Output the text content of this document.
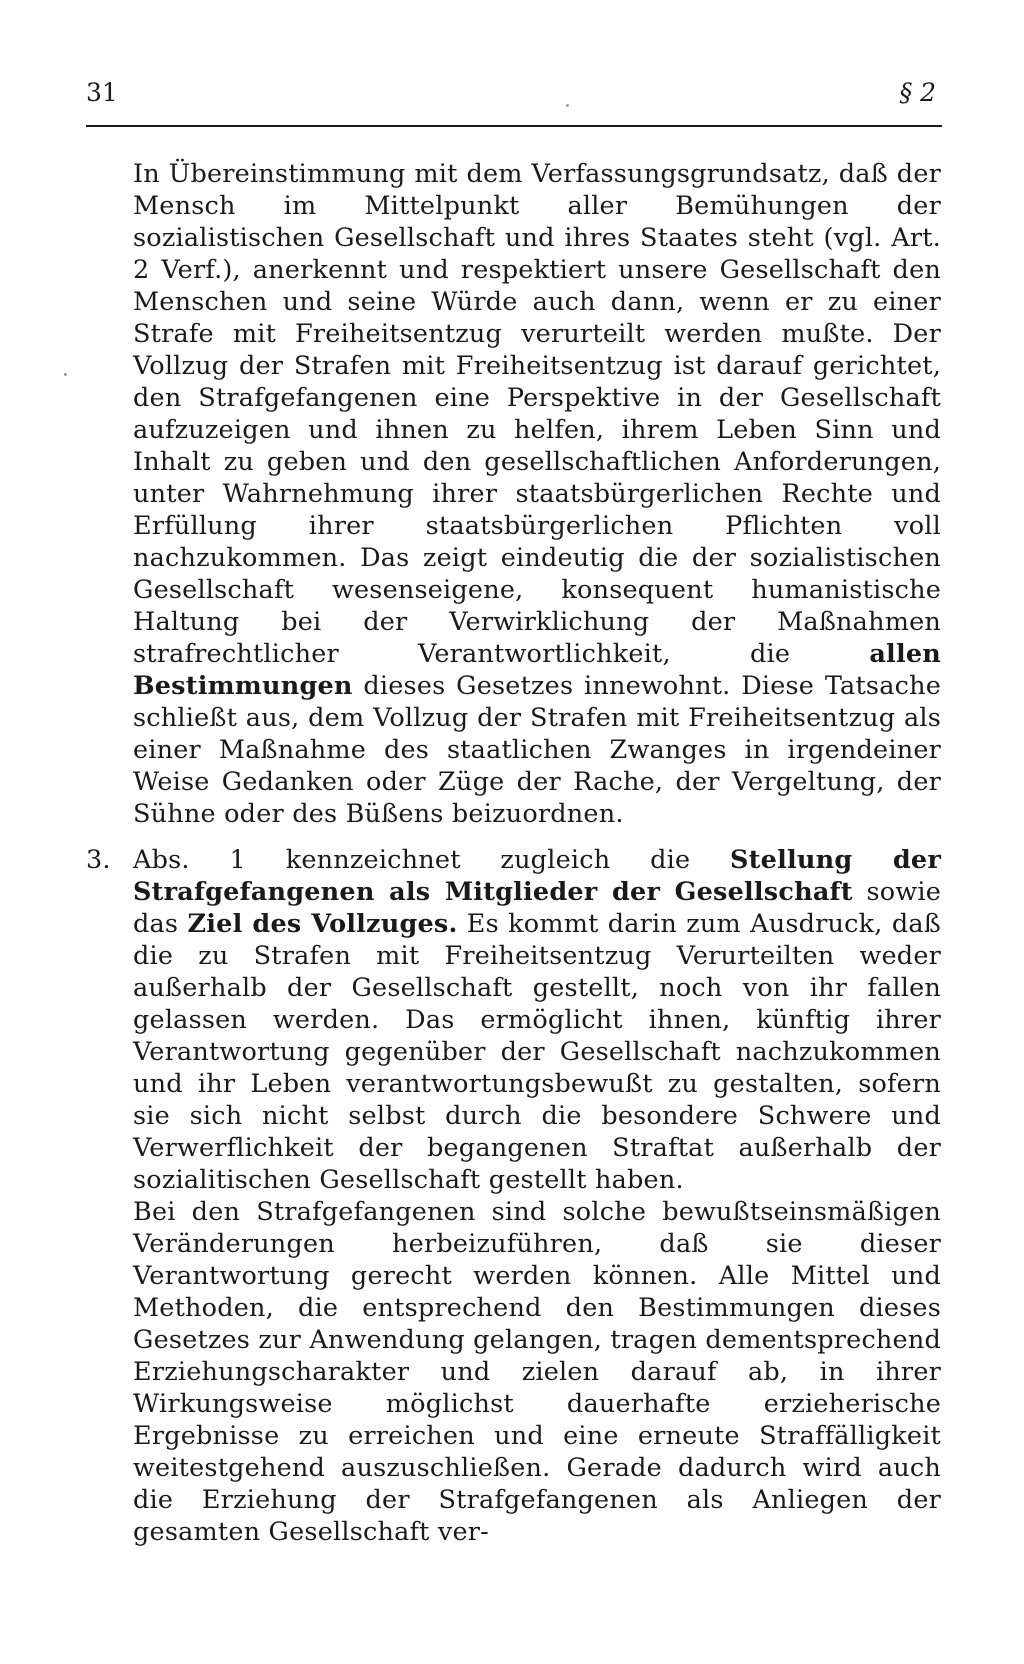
31	§ 2

In Übereinstimmung mit dem Verfassungsgrundsatz, daß der Mensch im Mittelpunkt aller Bemühungen der sozialistischen Gesellschaft und ihres Staates steht (vgl. Art. 2 Verf.), anerkennt und respektiert unsere Gesellschaft den Menschen und seine Würde auch dann, wenn er zu einer Strafe mit Freiheitsentzug verurteilt werden mußte. Der Vollzug der Strafen mit Freiheitsentzug ist darauf gerichtet, den Strafgefangenen eine Perspektive in der Gesellschaft aufzuzeigen und ihnen zu helfen, ihrem Leben Sinn und Inhalt zu geben und den gesellschaftlichen Anforderungen, unter Wahrnehmung ihrer staatsbürgerlichen Rechte und Erfüllung ihrer staatsbürgerlichen Pflichten voll nachzukommen. Das zeigt eindeutig die der sozialistischen Gesellschaft wesenseigene, konsequent humanistische Haltung bei der Verwirklichung der Maßnahmen strafrechtlicher Verantwortlichkeit, die allen Bestimmungen dieses Gesetzes innewohnt. Diese Tatsache schließt aus, dem Vollzug der Strafen mit Freiheitsentzug als einer Maßnahme des staatlichen Zwanges in irgendeiner Weise Gedanken oder Züge der Rache, der Vergeltung, der Sühne oder des Büßens beizuordnen.

3. Abs. 1 kennzeichnet zugleich die Stellung der Strafgefangenen als Mitglieder der Gesellschaft sowie das Ziel des Vollzuges. Es kommt darin zum Ausdruck, daß die zu Strafen mit Freiheitsentzug Verurteilten weder außerhalb der Gesellschaft gestellt, noch von ihr fallen gelassen werden. Das ermöglicht ihnen, künftig ihrer Verantwortung gegenüber der Gesellschaft nachzukommen und ihr Leben verantwortungsbewußt zu gestalten, sofern sie sich nicht selbst durch die besondere Schwere und Verwerflichkeit der begangenen Straftat außerhalb der sozialitischen Gesellschaft gestellt haben.

Bei den Strafgefangenen sind solche bewußtseinsmäßigen Veränderungen herbeizuführen, daß sie dieser Verantwortung gerecht werden können. Alle Mittel und Methoden, die entsprechend den Bestimmungen dieses Gesetzes zur Anwendung gelangen, tragen dementsprechend Erziehungscharakter und zielen darauf ab, in ihrer Wirkungsweise möglichst dauerhafte erzieherische Ergebnisse zu erreichen und eine erneute Straffälligkeit weitestgehend auszuschließen. Gerade dadurch wird auch die Erziehung der Strafgefangenen als Anliegen der gesamten Gesellschaft ver-
